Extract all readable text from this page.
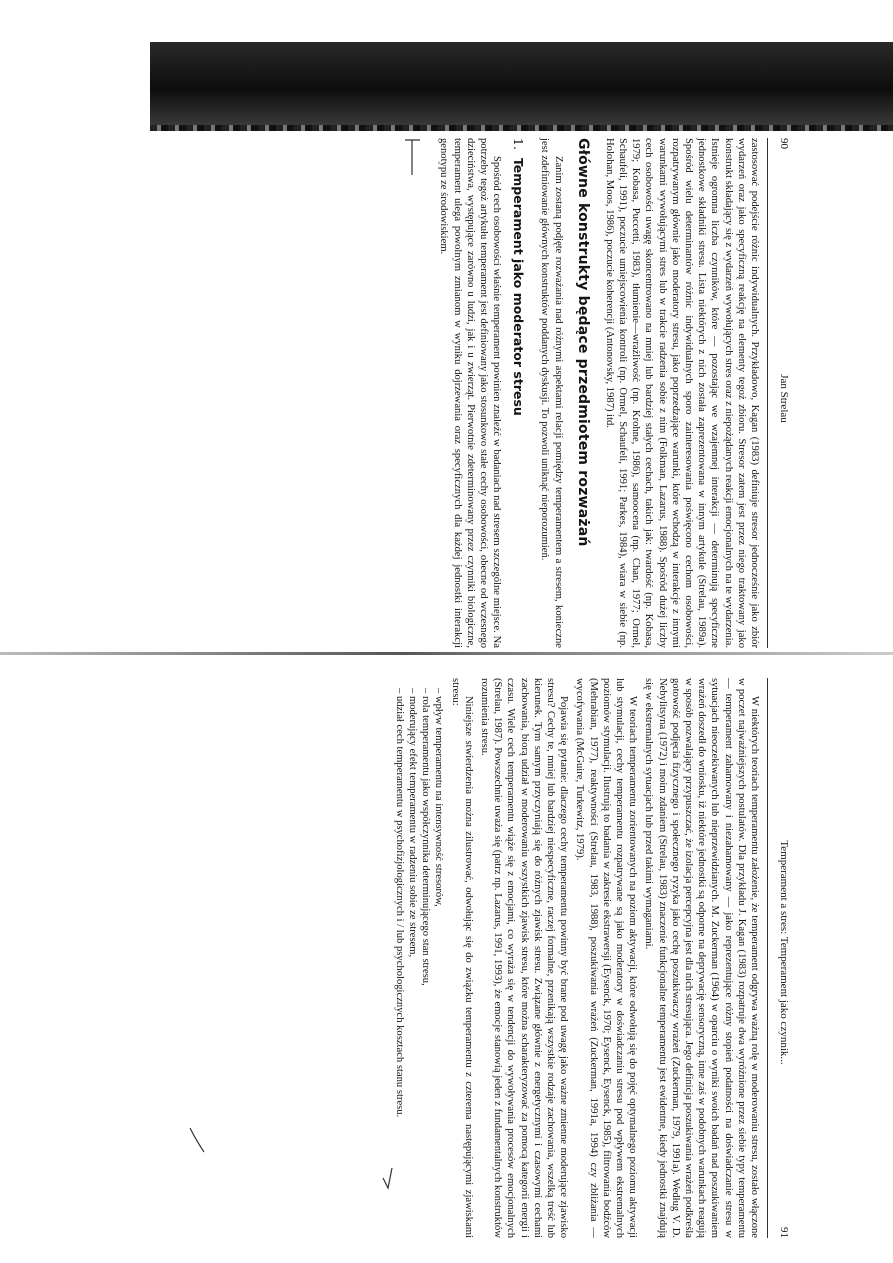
90
Jan Strelau

zastosować podejście różnic indywidualnych. Przykładowo, Kagan (1983) definiuje stresor jednocześnie jako zbiór wydarzeń oraz jako specyficzną reakcję na elementy tegoż zbioru. Stresor zatem jest przez niego traktowany jako konstrukt składający się z wydarzeń wywołujących stres oraz z niepożądanych reakcji emocjonalnych na te wydarzenia. Istnieje ogromna liczba czynników, które — pozostając we wzajemnej interakcji — determinują specyficzne jednostkowe składniki stresu. Lista niektórych z nich została zaprezentowana w innym artykule (Strelau, 1989a). Spośród wielu determinantów różnic indywidualnych sporo zainteresowania poświęcono cechom osobowości, rozpatrywanym głównie jako moderatory stresu, jako poprzedzające warunki, które wchodzą w interakcje z innymi warunkami wywołującymi stres lub w trakcie radzenia sobie z nim (Folkman, Lazarus, 1988). Spośród dużej liczby cech osobowości uwagę skoncentrowano na mniej lub bardziej stałych cechach, takich jak: twardość (np. Kobasa, 1979; Kobasa, Puccetti, 1983), tłumienie—wrażliwość (np. Krohne, 1986), samoocena (np. Chan, 1977; Ormel, Schaufeli, 1991), poczucie umiejscowienia kontroli (np. Ormel, Schaufeli, 1991; Parkes, 1984), wiara w siebie (np. Holohan, Moos, 1986), poczucie koherencji (Antonovsky, 1987) itd.

Główne konstrukty będące przedmiotem rozważań

Zanim zostaną podjęte rozważania nad różnymi aspektami relacji pomiędzy temperamentem a stresem, konieczne jest zdefiniowanie głównych konstruktów poddanych dyskusji. To pozwoli uniknąć nieporozumień.

1.Temperament jako moderator stresu

Spośród cech osobowości właśnie temperament powinien znaleźć w badaniach nad stresem szczególne miejsce. Na potrzeby tegoż artykułu temperament jest definiowany jako stosunkowo stałe cechy osobowości, obecne od wczesnego dzieciństwa, występujące zarówno u ludzi, jak i u zwierząt. Pierwotnie zdeterminowany przez czynniki biologiczne, temperament ulega powolnym zmianom w wyniku dojrzewania oraz specyficznych dla każdej jednostki interakcji genotypu ze środowiskiem.

Temperament a stres: Temperament jako czynnik...
91

W niektórych teoriach temperamentu założenie, że temperament odgrywa ważną rolę w moderowaniu stresu, zostało włączone w poczet najważniejszych postulatów. Dla przykładu J. Kagan (1983) rozpatruje dwa wyróżnione przez siebie typy temperamentu — temperament zahamowany i niezahamowany — jako reprezentujące różny stopień podatności na doświadczanie stresu w sytuacjach nieoczekiwanych lub nieprzewidzianych. M. Zuckerman (1964) w oparciu o wyniki swoich badań nad poszukiwaniem wrażeń doszedł do wniosku, iż niektóre jednostki są odporne na deprywację sensoryczną, inne zaś w podobnych warunkach reagują w sposób pozwalający przypuszczać, że izolacja percepcyjna jest dla nich stresująca. Jego definicja poszukiwania wrażeń podkreśla gotowość podjęcia fizycznego i społecznego ryzyka jako cechę poszukiwaczy wrażeń (Zuckerman, 1979, 1991a). Według V. D. Nebylitsyna (1972) i moim zdaniem (Strelau, 1983) znaczenie funkcjonalne temperamentu jest ewidentne, kiedy jednostki znajdują się w ekstremalnych sytuacjach lub przed takimi wymaganiami.

W teoriach temperamentu zorientowanych na poziom aktywacji, które odwołują się do pojęć optymalnego poziomu aktywacji lub stymulacji, cechy temperamentu rozpatrywane są jako moderatory w doświadczaniu stresu pod wpływem ekstremalnych poziomów stymulacji. Ilustrują to badania w zakresie ekstrawersji (Eysenck, 1970; Eysenck, Eysenck, 1985), filtrowania bodźców (Mehrabian, 1977), reaktywności (Strelau, 1983, 1988), poszukiwania wrażeń (Zuckerman, 1991a, 1994) czy zbliżania — wycofywania (McGuire, Turkewitz, 1979).

Pojawia się pytanie: dlaczego cechy temperamentu powinny być brane pod uwagę jako ważne zmienne moderujące zjawisko stresu? Cechy te, mniej lub bardziej niespecyficzne, raczej formalne, przenikają wszystkie rodzaje zachowania, wszelką treść lub kierunek. Tym samym przyczyniają się do różnych zjawisk stresu. Związane głównie z energetycznymi i czasowymi cechami zachowania, biorą udział w moderowaniu wszystkich zjawisk stresu, które można scharakteryzować za pomocą kategorii energii i czasu. Wiele cech temperamentu wiąże się z emocjami, co wyraża się w tendencji do wywoływania procesów emocjonalnych (Strelau, 1987). Powszechnie uważa się (patrz np. Lazarus, 1991, 1993), że emocje stanowią jeden z fundamentalnych konstruktów rozumienia stresu.

Niniejsze stwierdzenia można zilustrować, odwołując się do związku temperamentu z czterema następującymi zjawiskami stresu:

– wpływ temperamentu na intensywność stresorów,
– rola temperamentu jako współczynnika determinującego stan stresu,
– moderujący efekt temperamentu w radzeniu sobie ze stresem,
– udział cech temperamentu w psychofizjologicznych i / lub psychologicznych kosztach stanu stresu.
